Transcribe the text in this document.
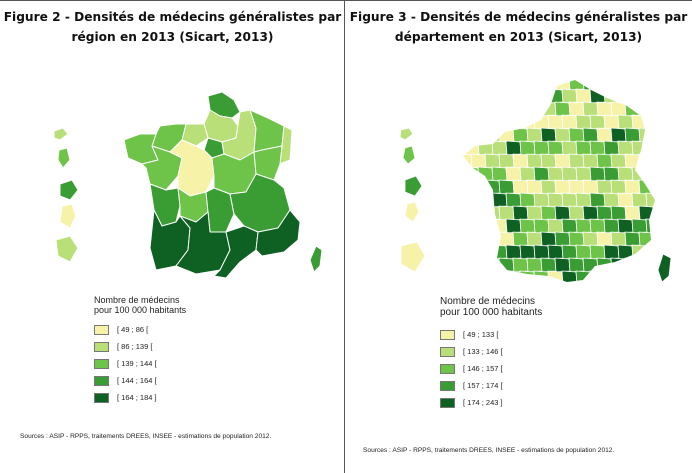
Figure 2 - Densités de médecins généralistes par
région en 2013 (Sicart, 2013)
Nombre de médecins
pour 100 000 habitants
[ 49 ; 86 [
[ 86 ; 139 [
[ 139 ; 144 [
[ 144 ; 164 [
[ 164 ; 184 ]
Sources : ASIP - RPPS, traitements DREES, INSEE - estimations de population 2012.
Figure 3 - Densités de médecins généralistes par
département en 2013 (Sicart, 2013)
Nombre de médecins
pour 100 000 habitants
[ 49 ; 133 [
[ 133 ; 146 [
[ 146 ; 157 [
[ 157 ; 174 [
[ 174 ; 243 ]
Sources : ASIP - RPPS, traitements DREES, INSEE - estimations de population 2012.
